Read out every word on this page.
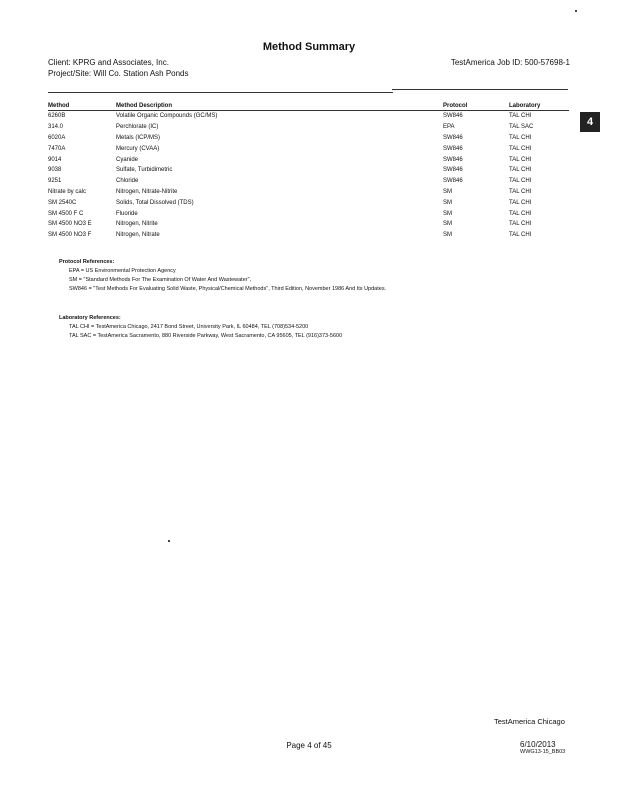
Method Summary
Client: KPRG and Associates, Inc.
Project/Site: Will Co. Station Ash Ponds
TestAmerica Job ID: 500-57698-1
4
Method	Method Description	Protocol	Laboratory
6260B	Volatile Organic Compounds (GC/MS)	SW846	TAL CHI
314.0	Perchlorate (IC)	EPA	TAL SAC
6020A	Metals (ICP/MS)	SW846	TAL CHI
7470A	Mercury (CVAA)	SW846	TAL CHI
9014	Cyanide	SW846	TAL CHI
9038	Sulfate, Turbidimetric	SW846	TAL CHI
9251	Chloride	SW846	TAL CHI
Nitrate by calc	Nitrogen, Nitrate-Nitrite	SM	TAL CHI
SM 2540C	Solids, Total Dissolved (TDS)	SM	TAL CHI
SM 4500 F C	Fluoride	SM	TAL CHI
SM 4500 NO3 E	Nitrogen, Nitrite	SM	TAL CHI
SM 4500 NO3 F	Nitrogen, Nitrate	SM	TAL CHI
Protocol References:
EPA = US Environmental Protection Agency
SM = "Standard Methods For The Examination Of Water And Wastewater",
SW846 = "Test Methods For Evaluating Solid Waste, Physical/Chemical Methods", Third Edition, November 1986 And Its Updates.
Laboratory References:
TAL CHI = TestAmerica Chicago, 2417 Bond Street, University Park, IL 60484, TEL (708)534-5200
TAL SAC = TestAmerica Sacramento, 880 Riverside Parkway, West Sacramento, CA 95605, TEL (916)373-5600
TestAmerica Chicago
Page 4 of 45	6/10/2013
WWG13-15_BB03
